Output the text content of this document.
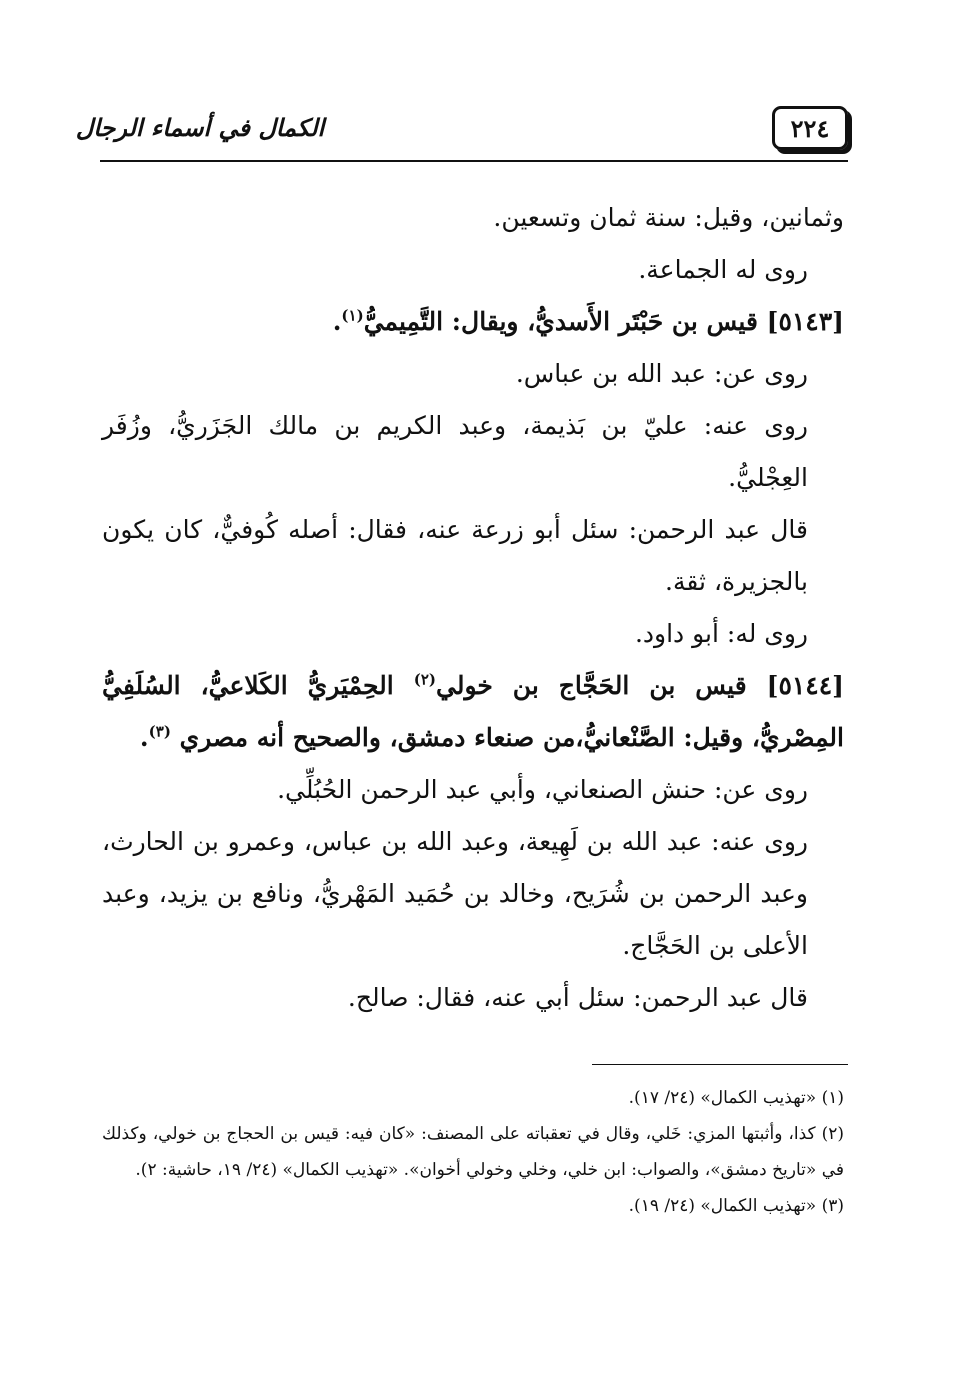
الكمال في أسماء الرجال	٢٢٤

وثمانين، وقيل: سنة ثمان وتسعين.

روى له الجماعة.

[٥١٤٣] قيس بن حَبْتَر الأَسديُّ، ويقال: التَّمِيميُّ$^{(١)}$.

روى عن: عبد الله بن عباس.

روى عنه: عليّ بن بَذيمة، وعبد الكريم بن مالك الجَزَريُّ، وزُفَر العِجْليُّ.

قال عبد الرحمن: سئل أبو زرعة عنه، فقال: أصله كُوفيٌّ، كان يكون بالجزيرة، ثقة.

روى له: أبو داود.

[٥١٤٤] قيس بن الحَجَّاج بن خولي$^{(٢)}$ الحِمْيَريُّ الكَلاعيُّ، السُلَفِيُّ المِصْريُّ، وقيل: الصَّنْعانيُّ،من صنعاء دمشق، والصحيح أنه مصري $^{(٣)}$.

روى عن: حنش الصنعاني، وأبي عبد الرحمن الحُبُلِّي.

روى عنه: عبد الله بن لَهِيعة، وعبد الله بن عباس، وعمرو بن الحارث، وعبد الرحمن بن شُرَيح، وخالد بن حُمَيد المَهْريُّ، ونافع بن يزيد، وعبد الأعلى بن الحَجَّاج.

قال عبد الرحمن: سئل أبي عنه، فقال: صالح.

(١) «تهذيب الكمال» (٢٤/ ١٧).

(٢) كذا، وأثبتها المزي: خَلي، وقال في تعقباته على المصنف: «كان فيه: قيس بن الحجاج بن خولي، وكذلك في «تاريخ دمشق»، والصواب: ابن خلي، وخلي وخولي أخوان». «تهذيب الكمال» (٢٤/ ١٩، حاشية: ٢).

(٣) «تهذيب الكمال» (٢٤/ ١٩).
